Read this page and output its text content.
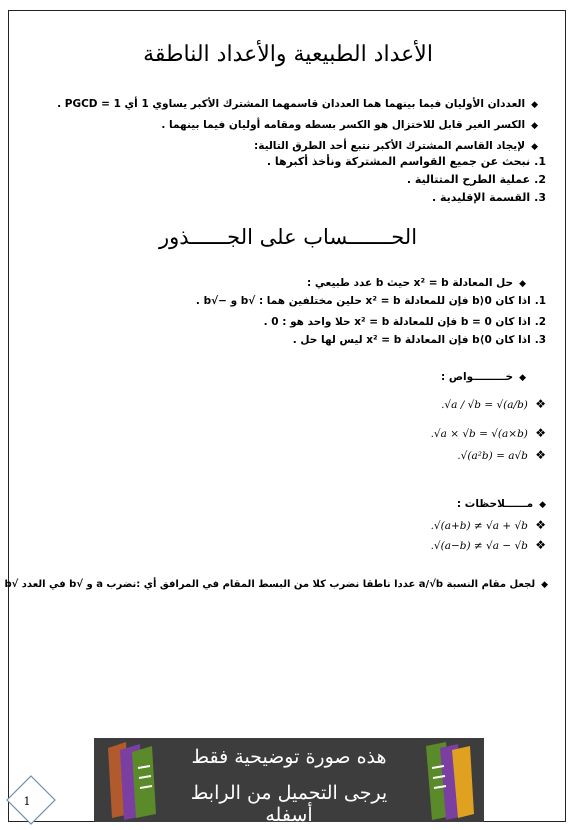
الأعداد الطبيعية والأعداد الناطقة
◆العددان الأوليان فيما بينهما هما العددان قاسمهما المشترك الأكبر يساوي 1 أي PGCD = 1 .
◆الكسر الغير قابل للاختزال هو الكسر بسطه ومقامه أوليان فيما بينهما .
◆لإيجاد القاسم المشترك الأكبر نتبع أحد الطرق التالية:
1.نبحث عن جميع القواسم المشتركة ونأخذ أكبرها .
2.عملية الطرح المتتالية .
3.القسمة الإقليدية .
الحـــــــساب على الجــــــذور
◆حل المعادلة x² = b حيث b عدد طبيعي :
1.اذا كان b⟩0 فإن للمعادلة x² = b حلين مختلفين هما : √b و −√b .
2.اذا كان b = 0 فإن للمعادلة x² = b حلا واحد هو : 0 .
3.اذا كان b⟨0 فإن المعادلة x² = b ليس لها حل .
◆خـــــــــواص :
.√a / √b = √(a/b) ❖
.√a × √b = √(a×b) ❖
.√(a²b) = a√b ❖
◆مــــــلاحظات :
.√(a+b) ≠ √a + √b ❖
.√(a−b) ≠ √a − √b ❖
◆لجعل مقام النسبة a/√b عددا ناطقا نضرب كلا من البسط المقام في المرافق أي :نضرب a و √b في العدد √b
هذه صورة توضيحية فقط
يرجى التحميل من الرابط أسفله
1
